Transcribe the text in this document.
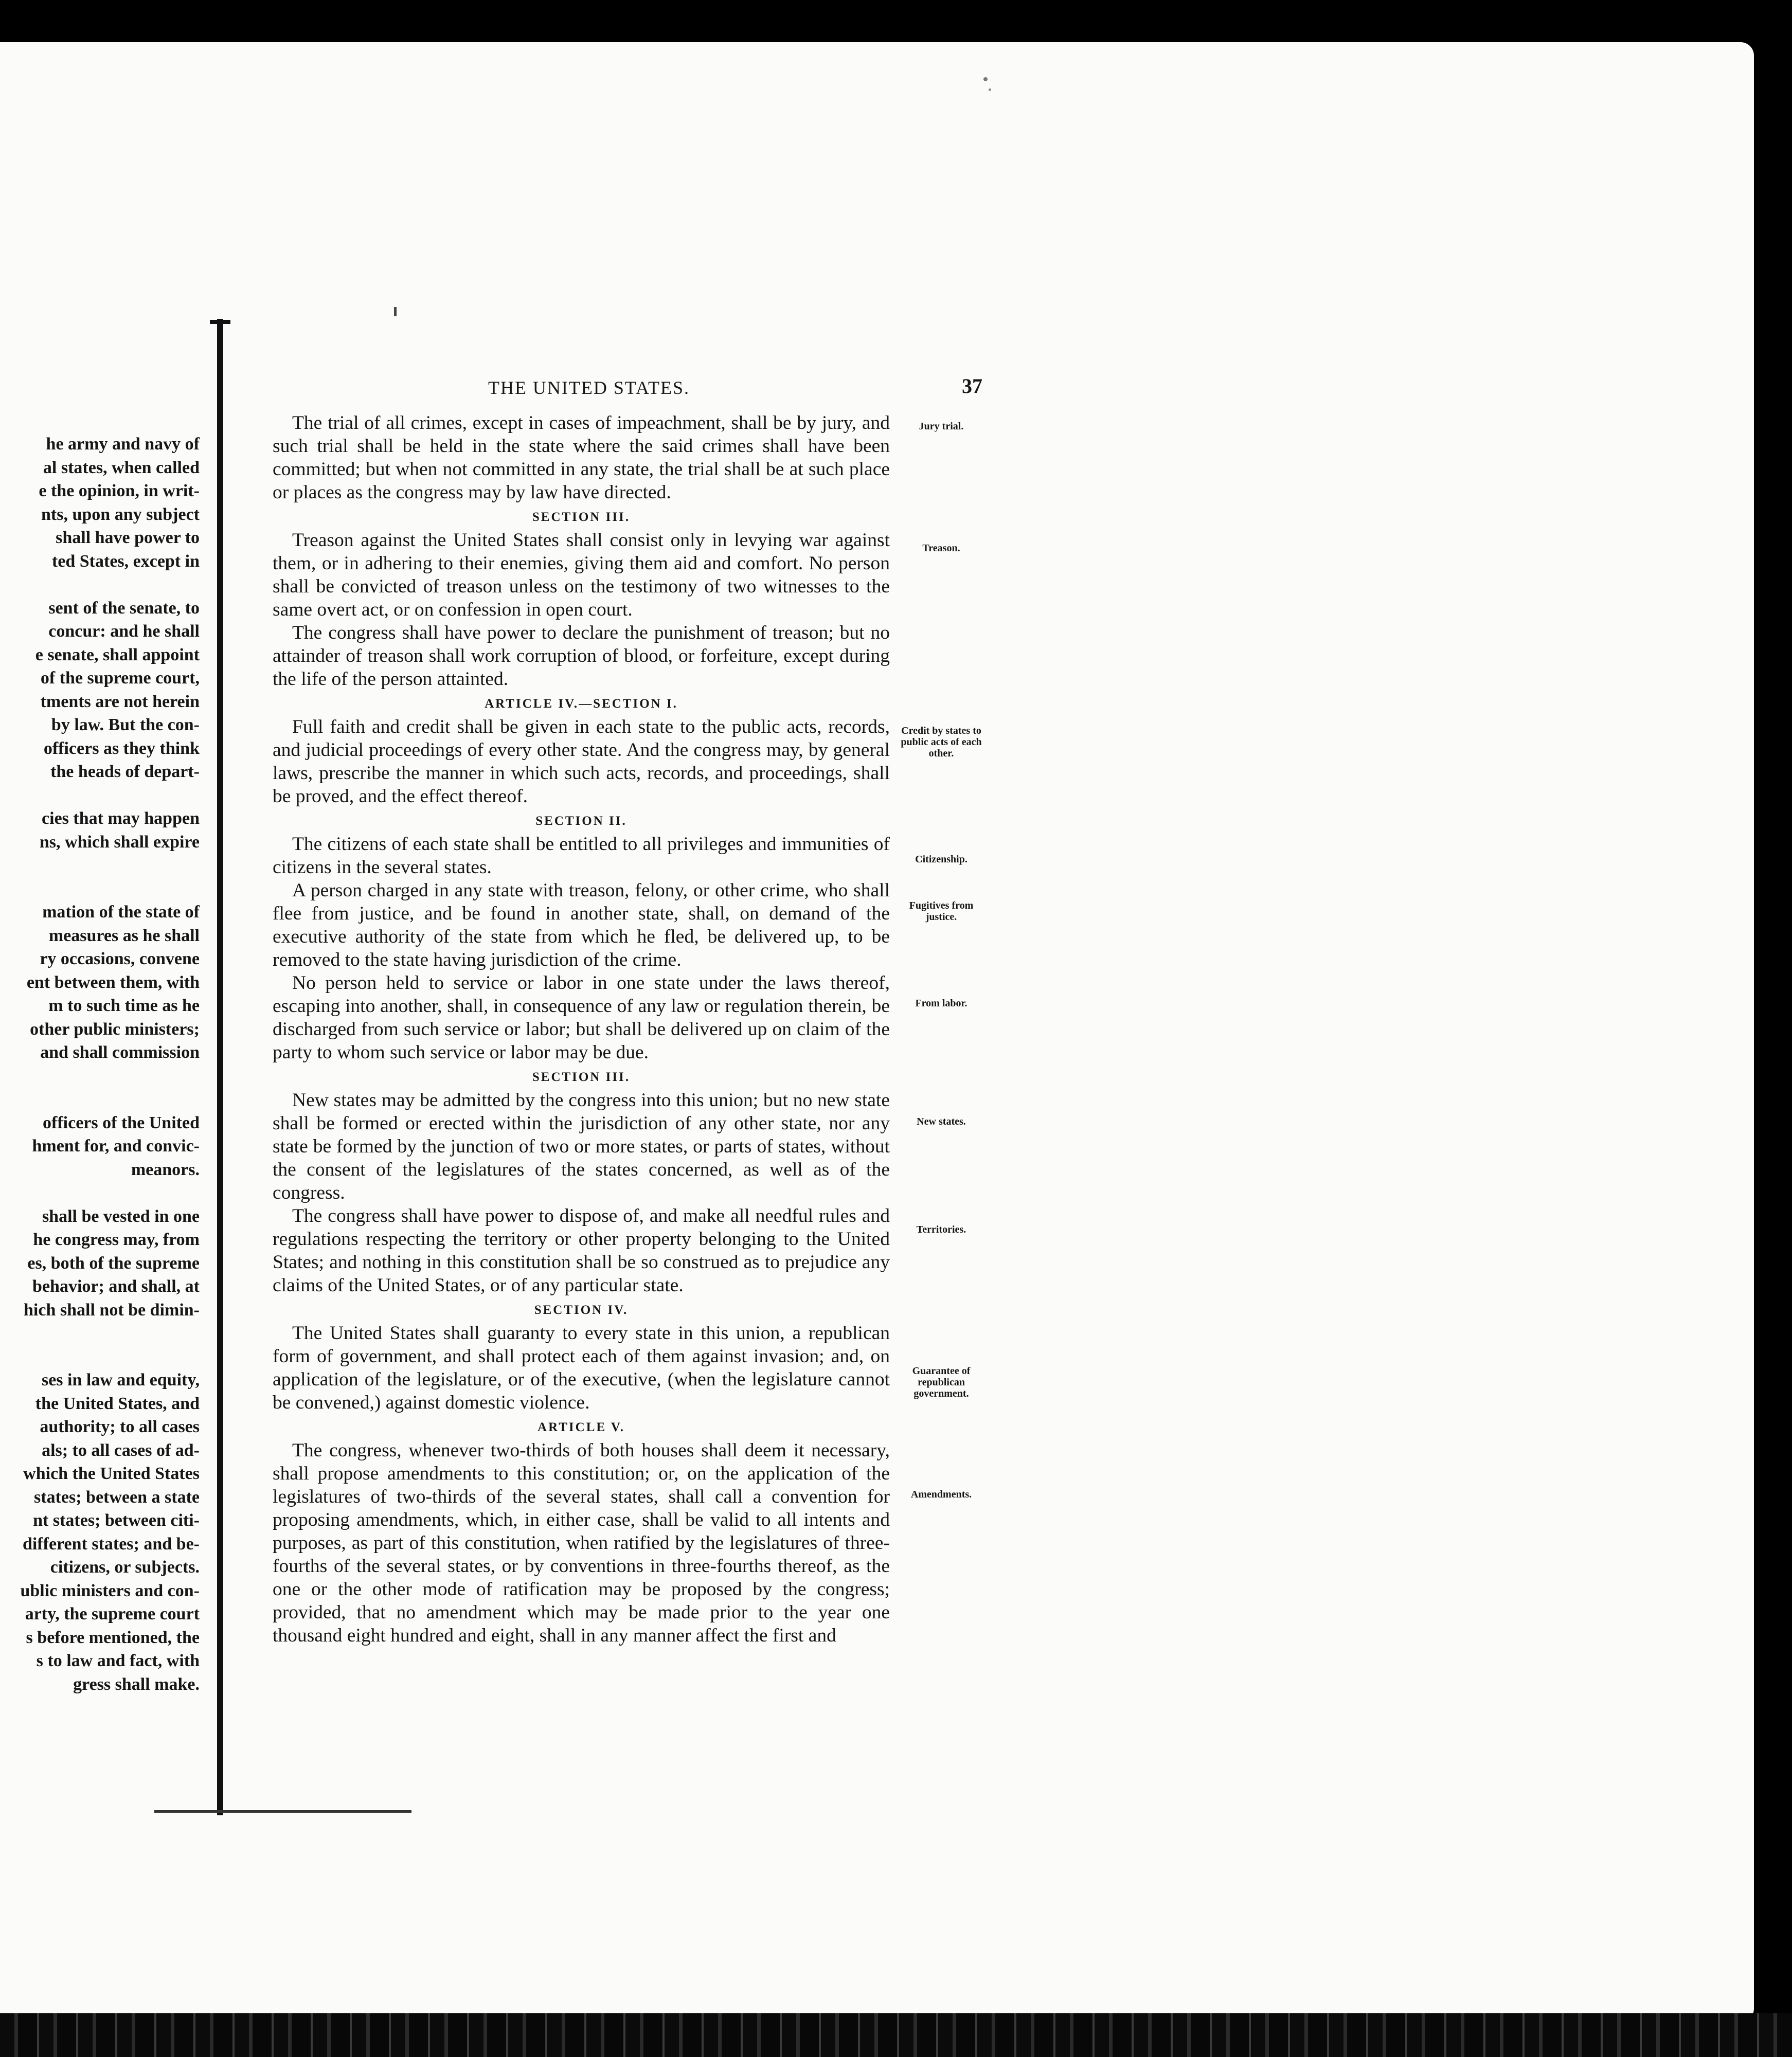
he army and navy of
al states, when called
e the opinion, in writ-
nts, upon any subject
shall have power to
ted States, except in
sent of the senate, to
concur: and he shall
e senate, shall appoint
of the supreme court,
tments are not herein
by law. But the con-
officers as they think
the heads of depart-
cies that may happen
ns, which shall expire
mation of the state of
measures as he shall
ry occasions, convene
ent between them, with
m to such time as he
other public ministers;
and shall commission
officers of the United
hment for, and convic-
meanors.
shall be vested in one
he congress may, from
es, both of the supreme
behavior; and shall, at
hich shall not be dimin-
ses in law and equity,
the United States, and
authority; to all cases
als; to all cases of ad-
which the United States
states; between a state
nt states; between citi-
different states; and be-
citizens, or subjects.
ublic ministers and con-
arty, the supreme court
s before mentioned, the
s to law and fact, with
gress shall make.
THE UNITED STATES.	37

The trial of all crimes, except in cases of impeachment, shall be by jury, and such trial shall be held in the state where the said crimes shall have been committed; but when not committed in any state, the trial shall be at such place or places as the congress may by law have directed.

SECTION III.

Treason against the United States shall consist only in levying war against them, or in adhering to their enemies, giving them aid and comfort. No person shall be convicted of treason unless on the testimony of two witnesses to the same overt act, or on confession in open court.

The congress shall have power to declare the punishment of treason; but no attainder of treason shall work corruption of blood, or forfeiture, except during the life of the person attainted.

ARTICLE IV.—SECTION I.

Full faith and credit shall be given in each state to the public acts, records, and judicial proceedings of every other state. And the congress may, by general laws, prescribe the manner in which such acts, records, and proceedings, shall be proved, and the effect thereof.

SECTION II.

The citizens of each state shall be entitled to all privileges and immunities of citizens in the several states.

A person charged in any state with treason, felony, or other crime, who shall flee from justice, and be found in another state, shall, on demand of the executive authority of the state from which he fled, be delivered up, to be removed to the state having jurisdiction of the crime.

No person held to service or labor in one state under the laws thereof, escaping into another, shall, in consequence of any law or regulation therein, be discharged from such service or labor; but shall be delivered up on claim of the party to whom such service or labor may be due.

SECTION III.

New states may be admitted by the congress into this union; but no new state shall be formed or erected within the jurisdiction of any other state, nor any state be formed by the junction of two or more states, or parts of states, without the consent of the legislatures of the states concerned, as well as of the congress.

The congress shall have power to dispose of, and make all needful rules and regulations respecting the territory or other property belonging to the United States; and nothing in this constitution shall be so construed as to prejudice any claims of the United States, or of any particular state.

SECTION IV.

The United States shall guaranty to every state in this union, a republican form of government, and shall protect each of them against invasion; and, on application of the legislature, or of the executive, (when the legislature cannot be convened,) against domestic violence.

ARTICLE V.

The congress, whenever two-thirds of both houses shall deem it necessary, shall propose amendments to this constitution; or, on the application of the legislatures of two-thirds of the several states, shall call a convention for proposing amendments, which, in either case, shall be valid to all intents and purposes, as part of this constitution, when ratified by the legislatures of three-fourths of the several states, or by conventions in three-fourths thereof, as the one or the other mode of ratification may be proposed by the congress; provided, that no amendment which may be made prior to the year one thousand eight hundred and eight, shall in any manner affect the first and

Jury trial.
Treason.
Credit by states to public acts of each other.
Citizenship.
Fugitives from justice.
From labor.
New states.
Territories.
Guarantee of republican government.
Amendments.
